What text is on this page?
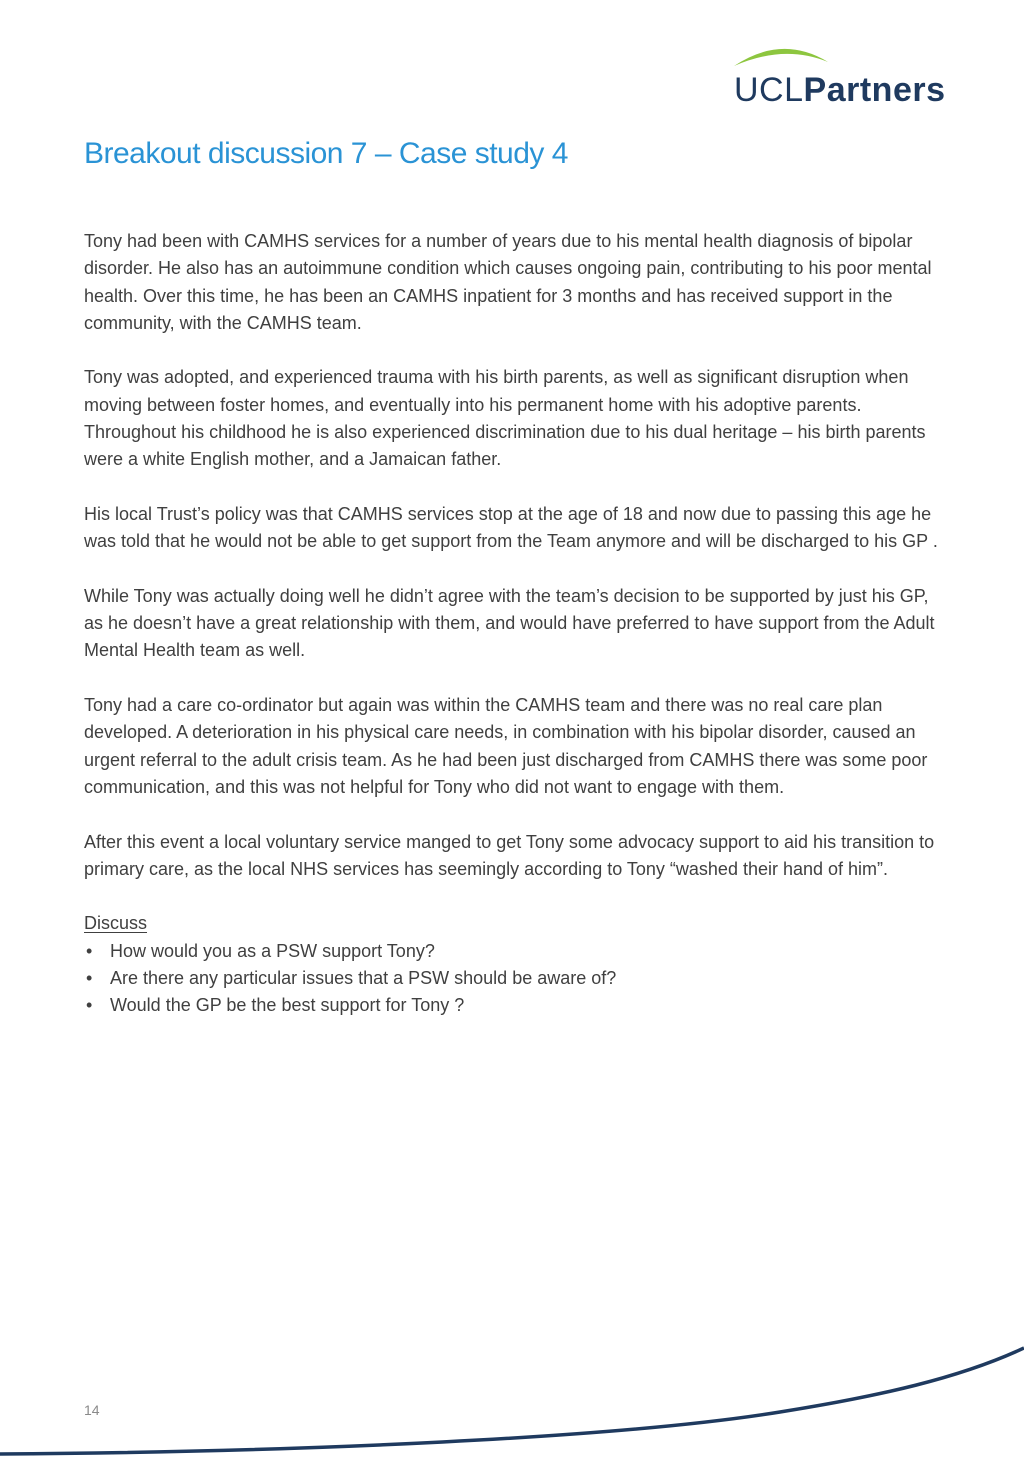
UCLPartners
Breakout discussion 7 – Case study 4

Tony had been with CAMHS services for a number of years due to his mental health diagnosis of bipolar disorder. He also has an autoimmune condition which causes ongoing pain, contributing to his poor mental health. Over this time, he has been an CAMHS inpatient for 3 months and has received support in the community, with the CAMHS team.

Tony was adopted, and experienced trauma with his birth parents, as well as significant disruption when moving between foster homes, and eventually into his permanent home with his adoptive parents. Throughout his childhood he is also experienced discrimination due to his dual heritage – his birth parents were a white English mother, and a Jamaican father.

His local Trust’s policy was that CAMHS services stop at the age of 18 and now due to passing this age he was told that he would not be able to get support from the Team anymore and will be discharged to his GP .

While Tony was actually doing well he didn’t agree with the team’s decision to be supported by just his GP, as he doesn’t have a great relationship with them, and would have preferred to have support from the Adult Mental Health team as well.

Tony had a care co-ordinator but again was within the CAMHS team and there was no real care plan developed. A deterioration in his physical care needs, in combination with his bipolar disorder, caused an urgent referral to the adult crisis team. As he had been just discharged from CAMHS there was some poor communication, and this was not helpful for Tony who did not want to engage with them.

After this event a local voluntary service manged to get Tony some advocacy support to aid his transition to primary care, as the local NHS services has seemingly according to Tony “washed their hand of him”.

Discuss
• How would you as a PSW support Tony?
• Are there any particular issues that a PSW should be aware of?
• Would the GP be the best support for Tony ?
14
